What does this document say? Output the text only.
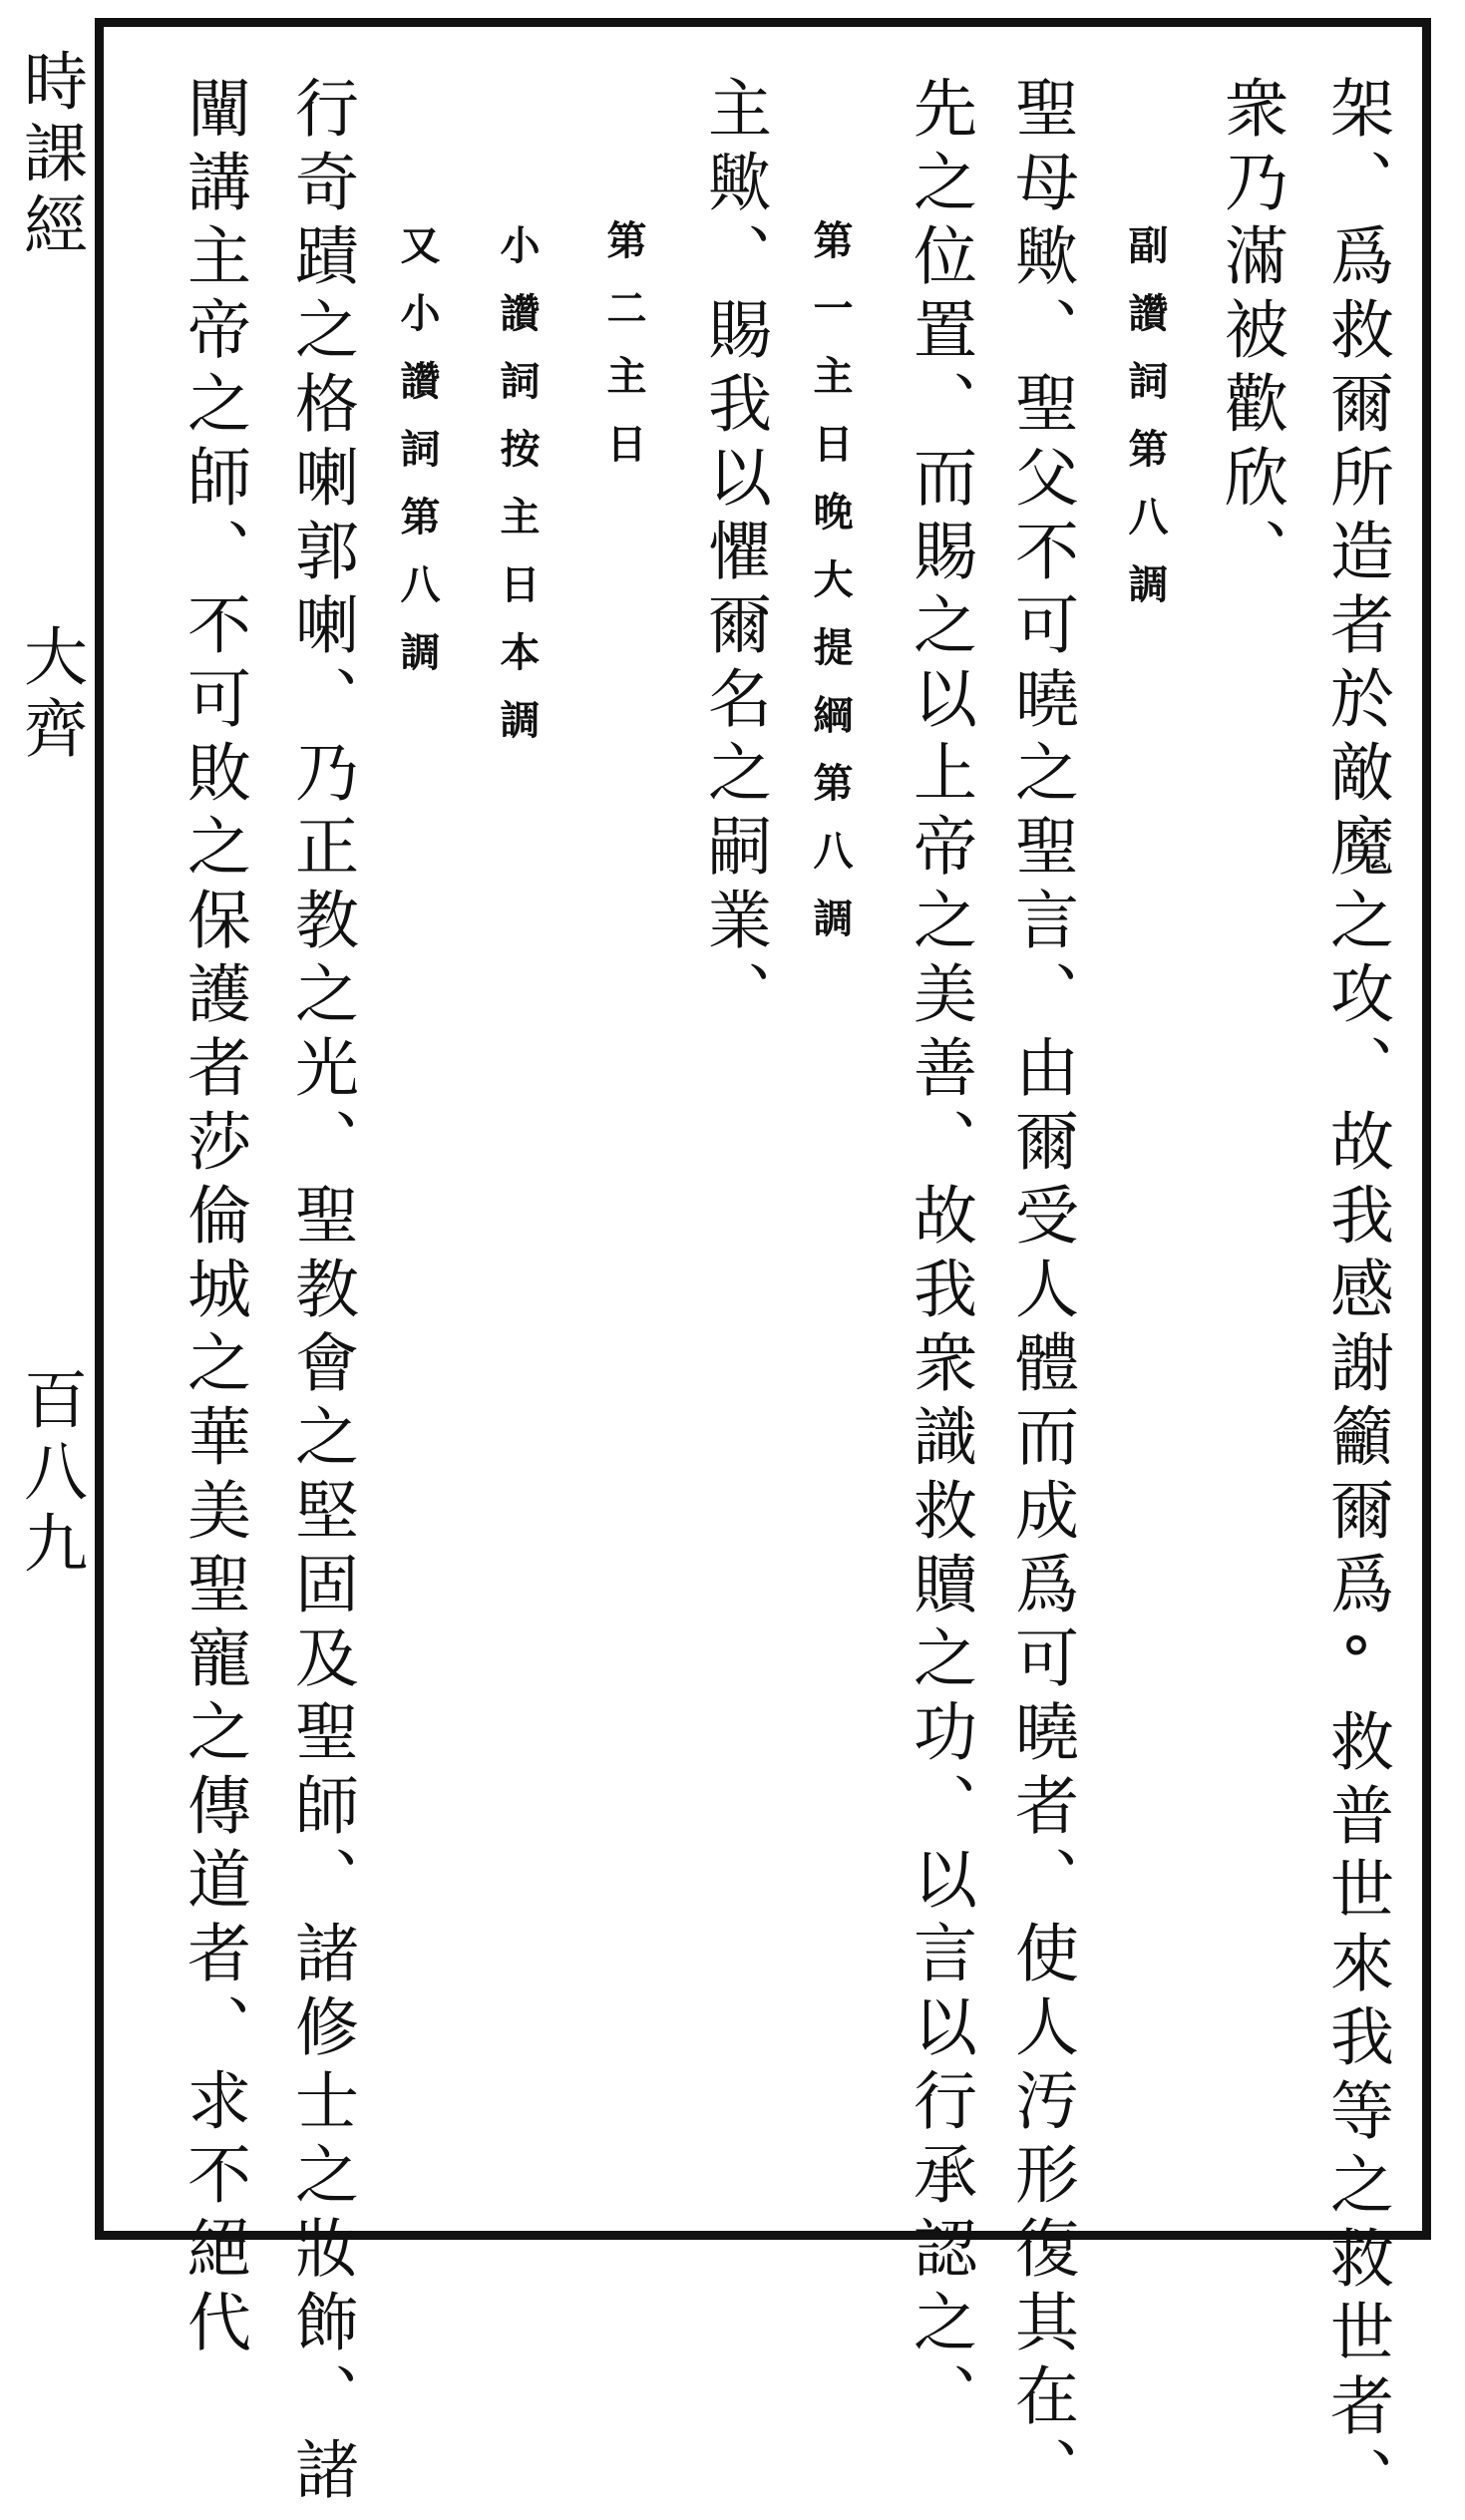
時課經
大齊
百八九	架、爲救爾所造者於敵魔之攻、故我感謝籲爾爲°救普世來我等之救世者、
衆乃滿被歡欣、
副讚詞第八調
聖母歟、聖父不可曉之聖言、由爾受人體而成爲可曉者、使人汚形復其在、
先之位置、而賜之以上帝之美善、故我衆識救贖之功、以言以行承認之、
第一主日晚大提綱第八調
主歟、賜我以懼爾名之嗣業、
第二主日
小讚詞按主日本調
又小讚詞第八調
行奇蹟之格喇郭喇、乃正教之光、聖教會之堅固及聖師、諸修士之妝飾、諸
闡講主帝之師、不可敗之保護者莎倫城之華美聖寵之傳道者、求不絕代
